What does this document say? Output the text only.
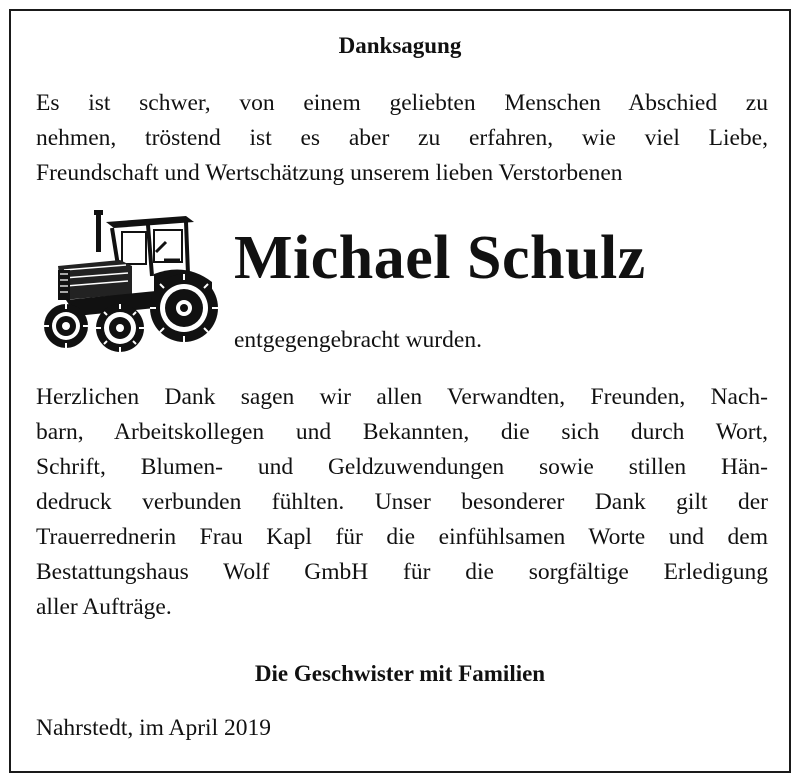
Danksagung
Es ist schwer, von einem geliebten Menschen Abschied zu
nehmen, tröstend ist es aber zu erfahren, wie viel Liebe,
Freundschaft und Wertschätzung unserem lieben Verstorbenen
Michael Schulz
entgegengebracht wurden.
Herzlichen Dank sagen wir allen Verwandten, Freunden, Nach-
barn, Arbeitskollegen und Bekannten, die sich durch Wort,
Schrift, Blumen- und Geldzuwendungen sowie stillen Hän-
dedruck verbunden fühlten. Unser besonderer Dank gilt der
Trauerrednerin Frau Kapl für die einfühlsamen Worte und dem
Bestattungshaus Wolf GmbH für die sorgfältige Erledigung
aller Aufträge.
Die Geschwister mit Familien
Nahrstedt, im April 2019
